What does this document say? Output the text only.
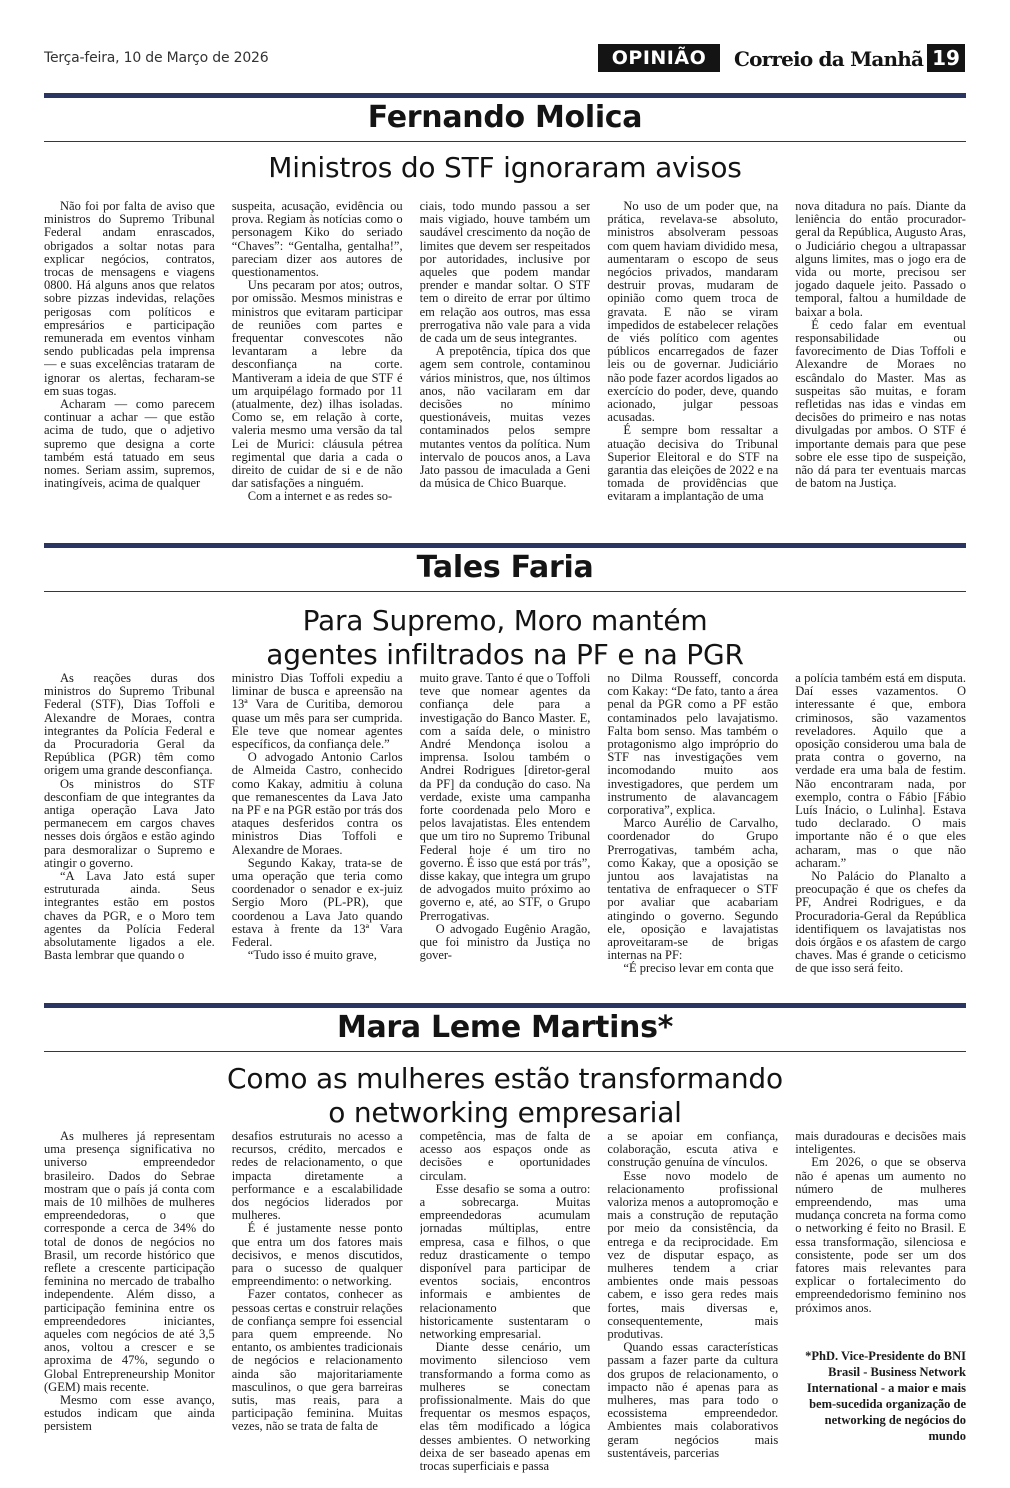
Terça-feira, 10 de Março de 2026	OPINIÃO	Correio da Manhã 19
Fernando Molica
Ministros do STF ignoraram avisos

Não foi por falta de aviso que ministros do Supremo Tribunal Federal andam enrascados, obrigados a soltar notas para explicar negócios, contratos, trocas de mensagens e viagens 0800. Há alguns anos que relatos sobre pizzas indevidas, relações perigosas com políticos e empresários e participação remunerada em eventos vinham sendo publicadas pela imprensa — e suas excelências trataram de ignorar os alertas, fecharam-se em suas togas.

Acharam — como parecem continuar a achar — que estão acima de tudo, que o adjetivo supremo que designa a corte também está tatuado em seus nomes. Seriam assim, supremos, inatingíveis, acima de qualquer

suspeita, acusação, evidência ou prova. Regiam às notícias como o personagem Kiko do seriado “Chaves”: “Gentalha, gentalha!”, pareciam dizer aos autores de questionamentos.

Uns pecaram por atos; outros, por omissão. Mesmos ministras e ministros que evitaram participar de reuniões com partes e frequentar convescotes não levantaram a lebre da desconfiança na corte. Mantiveram a ideia de que STF é um arquipélago formado por 11 (atualmente, dez) ilhas isoladas. Como se, em relação à corte, valeria mesmo uma versão da tal Lei de Murici: cláusula pétrea regimental que daria a cada o direito de cuidar de si e de não dar satisfações a ninguém.

Com a internet e as redes so-

ciais, todo mundo passou a ser mais vigiado, houve também um saudável crescimento da noção de limites que devem ser respeitados por autoridades, inclusive por aqueles que podem mandar prender e mandar soltar. O STF tem o direito de errar por último em relação aos outros, mas essa prerrogativa não vale para a vida de cada um de seus integrantes.

A prepotência, típica dos que agem sem controle, contaminou vários ministros, que, nos últimos anos, não vacilaram em dar decisões no mínimo questionáveis, muitas vezes contaminados pelos sempre mutantes ventos da política. Num intervalo de poucos anos, a Lava Jato passou de imaculada a Geni da música de Chico Buarque.

No uso de um poder que, na prática, revelava-se absoluto, ministros absolveram pessoas com quem haviam dividido mesa, aumentaram o escopo de seus negócios privados, mandaram destruir provas, mudaram de opinião como quem troca de gravata. E não se viram impedidos de estabelecer relações de viés político com agentes públicos encarregados de fazer leis ou de governar. Judiciário não pode fazer acordos ligados ao exercício do poder, deve, quando acionado, julgar pessoas acusadas.

É sempre bom ressaltar a atuação decisiva do Tribunal Superior Eleitoral e do STF na garantia das eleições de 2022 e na tomada de providências que evitaram a implantação de uma

nova ditadura no país. Diante da leniência do então procurador-geral da República, Augusto Aras, o Judiciário chegou a ultrapassar alguns limites, mas o jogo era de vida ou morte, precisou ser jogado daquele jeito. Passado o temporal, faltou a humildade de baixar a bola.

É cedo falar em eventual responsabilidade ou favorecimento de Dias Toffoli e Alexandre de Moraes no escândalo do Master. Mas as suspeitas são muitas, e foram refletidas nas idas e vindas em decisões do primeiro e nas notas divulgadas por ambos. O STF é importante demais para que pese sobre ele esse tipo de suspeição, não dá para ter eventuais marcas de batom na Justiça.

Tales Faria
Para Supremo, Moro mantém
agentes infiltrados na PF e na PGR

As reações duras dos ministros do Supremo Tribunal Federal (STF), Dias Toffoli e Alexandre de Moraes, contra integrantes da Polícia Federal e da Procuradoria Geral da República (PGR) têm como origem uma grande desconfiança.

Os ministros do STF desconfiam de que integrantes da antiga operação Lava Jato permanecem em cargos chaves nesses dois órgãos e estão agindo para desmoralizar o Supremo e atingir o governo.

“A Lava Jato está super estruturada ainda. Seus integrantes estão em postos chaves da PGR, e o Moro tem agentes da Polícia Federal absolutamente ligados a ele. Basta lembrar que quando o

ministro Dias Toffoli expediu a liminar de busca e apreensão na 13ª Vara de Curitiba, demorou quase um mês para ser cumprida. Ele teve que nomear agentes específicos, da confiança dele.”

O advogado Antonio Carlos de Almeida Castro, conhecido como Kakay, admitiu à coluna que remanescentes da Lava Jato na PF e na PGR estão por trás dos ataques desferidos contra os ministros Dias Toffoli e Alexandre de Moraes.

Segundo Kakay, trata-se de uma operação que teria como coordenador o senador e ex-juiz Sergio Moro (PL-PR), que coordenou a Lava Jato quando estava à frente da 13ª Vara Federal.

“Tudo isso é muito grave,

muito grave. Tanto é que o Toffoli teve que nomear agentes da confiança dele para a investigação do Banco Master. E, com a saída dele, o ministro André Mendonça isolou a imprensa. Isolou também o Andrei Rodrigues [diretor-geral da PF] da condução do caso. Na verdade, existe uma campanha forte coordenada pelo Moro e pelos lavajatistas. Eles entendem que um tiro no Supremo Tribunal Federal hoje é um tiro no governo. É isso que está por trás”, disse kakay, que integra um grupo de advogados muito próximo ao governo e, até, ao STF, o Grupo Prerrogativas.

O advogado Eugênio Aragão, que foi ministro da Justiça no gover-

no Dilma Rousseff, concorda com Kakay: “De fato, tanto a área penal da PGR como a PF estão contaminados pelo lavajatismo. Falta bom senso. Mas também o protagonismo algo impróprio do STF nas investigações vem incomodando muito aos investigadores, que perdem um instrumento de alavancagem corporativa”, explica.

Marco Aurélio de Carvalho, coordenador do Grupo Prerrogativas, também acha, como Kakay, que a oposição se juntou aos lavajatistas na tentativa de enfraquecer o STF por avaliar que acabariam atingindo o governo. Segundo ele, oposição e lavajatistas aproveitaram-se de brigas internas na PF:

“É preciso levar em conta que

a polícia também está em disputa. Daí esses vazamentos. O interessante é que, embora criminosos, são vazamentos reveladores. Aquilo que a oposição considerou uma bala de prata contra o governo, na verdade era uma bala de festim. Não encontraram nada, por exemplo, contra o Fábio [Fábio Luís Inácio, o Lulinha]. Estava tudo declarado. O mais importante não é o que eles acharam, mas o que não acharam.”

No Palácio do Planalto a preocupação é que os chefes da PF, Andrei Rodrigues, e da Procuradoria-Geral da República identifiquem os lavajatistas nos dois órgãos e os afastem de cargo chaves. Mas é grande o ceticismo de que isso será feito.

Mara Leme Martins*
Como as mulheres estão transformando
o networking empresarial

As mulheres já representam uma presença significativa no universo empreendedor brasileiro. Dados do Sebrae mostram que o país já conta com mais de 10 milhões de mulheres empreendedoras, o que corresponde a cerca de 34% do total de donos de negócios no Brasil, um recorde histórico que reflete a crescente participação feminina no mercado de trabalho independente. Além disso, a participação feminina entre os empreendedores iniciantes, aqueles com negócios de até 3,5 anos, voltou a crescer e se aproxima de 47%, segundo o Global Entrepreneurship Monitor (GEM) mais recente.

Mesmo com esse avanço, estudos indicam que ainda persistem

desafios estruturais no acesso a recursos, crédito, mercados e redes de relacionamento, o que impacta diretamente a performance e a escalabilidade dos negócios liderados por mulheres.

É é justamente nesse ponto que entra um dos fatores mais decisivos, e menos discutidos, para o sucesso de qualquer empreendimento: o networking.

Fazer contatos, conhecer as pessoas certas e construir relações de confiança sempre foi essencial para quem empreende. No entanto, os ambientes tradicionais de negócios e relacionamento ainda são majoritariamente masculinos, o que gera barreiras sutis, mas reais, para a participação feminina. Muitas vezes, não se trata de falta de

competência, mas de falta de acesso aos espaços onde as decisões e oportunidades circulam.

Esse desafio se soma a outro: a sobrecarga. Muitas empreendedoras acumulam jornadas múltiplas, entre empresa, casa e filhos, o que reduz drasticamente o tempo disponível para participar de eventos sociais, encontros informais e ambientes de relacionamento que historicamente sustentaram o networking empresarial.

Diante desse cenário, um movimento silencioso vem transformando a forma como as mulheres se conectam profissionalmente. Mais do que frequentar os mesmos espaços, elas têm modificado a lógica desses ambientes. O networking deixa de ser baseado apenas em trocas superficiais e passa

a se apoiar em confiança, colaboração, escuta ativa e construção genuína de vínculos.

Esse novo modelo de relacionamento profissional valoriza menos a autopromoção e mais a construção de reputação por meio da consistência, da entrega e da reciprocidade. Em vez de disputar espaço, as mulheres tendem a criar ambientes onde mais pessoas cabem, e isso gera redes mais fortes, mais diversas e, consequentemente, mais produtivas.

Quando essas características passam a fazer parte da cultura dos grupos de relacionamento, o impacto não é apenas para as mulheres, mas para todo o ecossistema empreendedor. Ambientes mais colaborativos geram negócios mais sustentáveis, parcerias

mais duradouras e decisões mais inteligentes.

Em 2026, o que se observa não é apenas um aumento no número de mulheres empreendendo, mas uma mudança concreta na forma como o networking é feito no Brasil. E essa transformação, silenciosa e consistente, pode ser um dos fatores mais relevantes para explicar o fortalecimento do empreendedorismo feminino nos próximos anos.

*PhD. Vice-Presidente do BNI Brasil - Business Network International - a maior e mais bem-sucedida organização de networking de negócios do mundo
